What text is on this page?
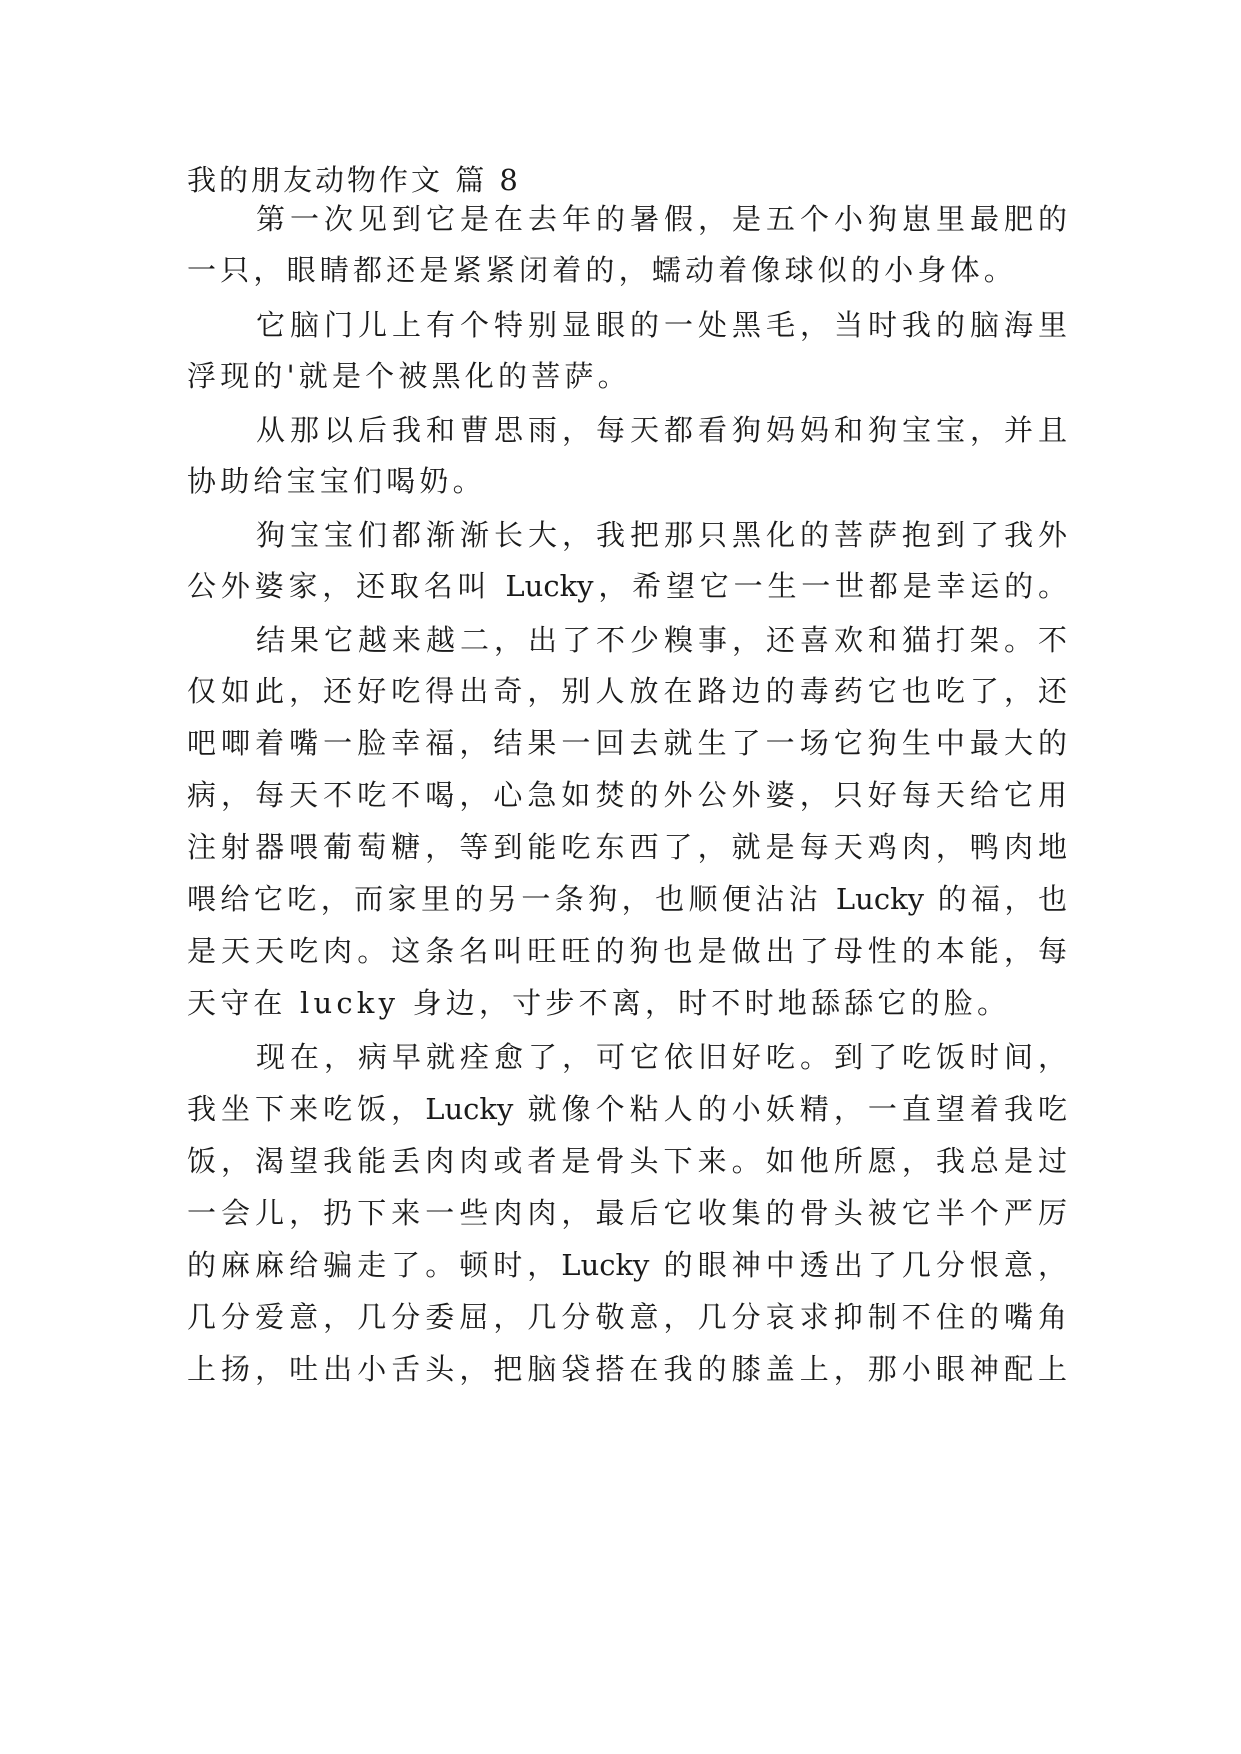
我的朋友动物作文 篇 8
第一次见到它是在去年的暑假，是五个小狗崽里最肥的
一只，眼睛都还是紧紧闭着的，蠕动着像球似的小身体。
它脑门儿上有个特别显眼的一处黑毛，当时我的脑海里
浮现的'就是个被黑化的菩萨。
从那以后我和曹思雨，每天都看狗妈妈和狗宝宝，并且
协助给宝宝们喝奶。
狗宝宝们都渐渐长大，我把那只黑化的菩萨抱到了我外
公外婆家，还取名叫 Lucky，希望它一生一世都是幸运的。
结果它越来越二，出了不少糗事，还喜欢和猫打架。不
仅如此，还好吃得出奇，别人放在路边的毒药它也吃了，还
吧唧着嘴一脸幸福，结果一回去就生了一场它狗生中最大的
病，每天不吃不喝，心急如焚的外公外婆，只好每天给它用
注射器喂葡萄糖，等到能吃东西了，就是每天鸡肉，鸭肉地
喂给它吃，而家里的另一条狗，也顺便沾沾 Lucky 的福，也
是天天吃肉。这条名叫旺旺的狗也是做出了母性的本能，每
天守在 lucky 身边，寸步不离，时不时地舔舔它的脸。
现在，病早就痊愈了，可它依旧好吃。到了吃饭时间，
我坐下来吃饭，Lucky 就像个粘人的小妖精，一直望着我吃
饭，渴望我能丢肉肉或者是骨头下来。如他所愿，我总是过
一会儿，扔下来一些肉肉，最后它收集的骨头被它半个严厉
的麻麻给骗走了。顿时，Lucky 的眼神中透出了几分恨意，
几分爱意，几分委屈，几分敬意，几分哀求抑制不住的嘴角
上扬，吐出小舌头，把脑袋搭在我的膝盖上，那小眼神配上
